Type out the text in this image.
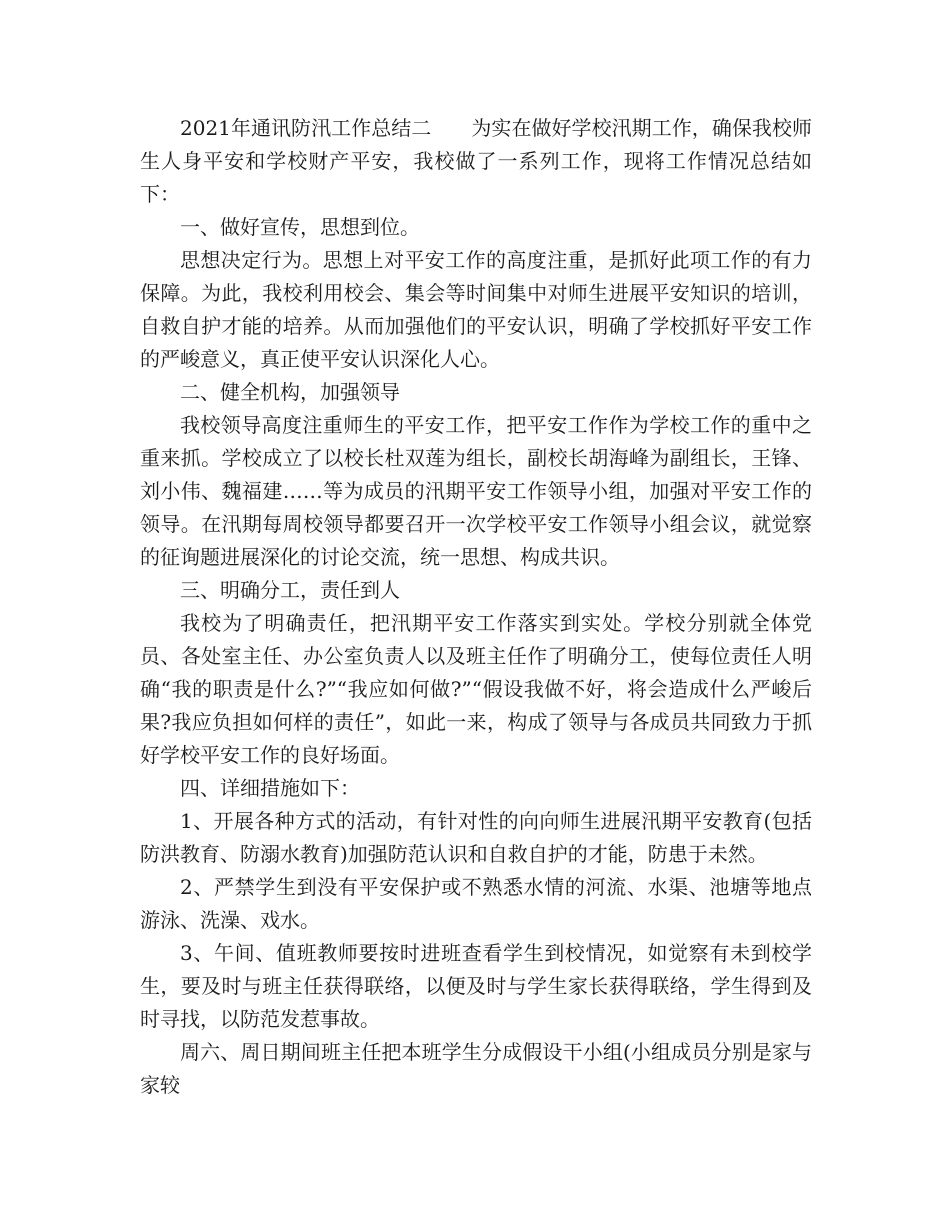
2021年通讯防汛工作总结二 为实在做好学校汛期工作，确保我校师生人身平安和学校财产平安，我校做了一系列工作，现将工作情况总结如下：

一、做好宣传，思想到位。

思想决定行为。思想上对平安工作的高度注重，是抓好此项工作的有力保障。为此，我校利用校会、集会等时间集中对师生进展平安知识的培训，自救自护才能的培养。从而加强他们的平安认识，明确了学校抓好平安工作的严峻意义，真正使平安认识深化人心。

二、健全机构，加强领导

我校领导高度注重师生的平安工作，把平安工作作为学校工作的重中之重来抓。学校成立了以校长杜双莲为组长，副校长胡海峰为副组长，王锋、刘小伟、魏福建……等为成员的汛期平安工作领导小组，加强对平安工作的领导。在汛期每周校领导都要召开一次学校平安工作领导小组会议，就觉察的征询题进展深化的讨论交流，统一思想、构成共识。

三、明确分工，责任到人

我校为了明确责任，把汛期平安工作落实到实处。学校分别就全体党员、各处室主任、办公室负责人以及班主任作了明确分工，使每位责任人明确“我的职责是什么?”“我应如何做?”“假设我做不好，将会造成什么严峻后果?我应负担如何样的责任”，如此一来，构成了领导与各成员共同致力于抓好学校平安工作的良好场面。

四、详细措施如下：

1、开展各种方式的活动，有针对性的向向师生进展汛期平安教育(包括防洪教育、防溺水教育)加强防范认识和自救自护的才能，防患于未然。

2、严禁学生到没有平安保护或不熟悉水情的河流、水渠、池塘等地点游泳、洗澡、戏水。

3、午间、值班教师要按时进班查看学生到校情况，如觉察有未到校学生，要及时与班主任获得联络，以便及时与学生家长获得联络，学生得到及时寻找，以防范发惹事故。

周六、周日期间班主任把本班学生分成假设干小组(小组成员分别是家与家较
